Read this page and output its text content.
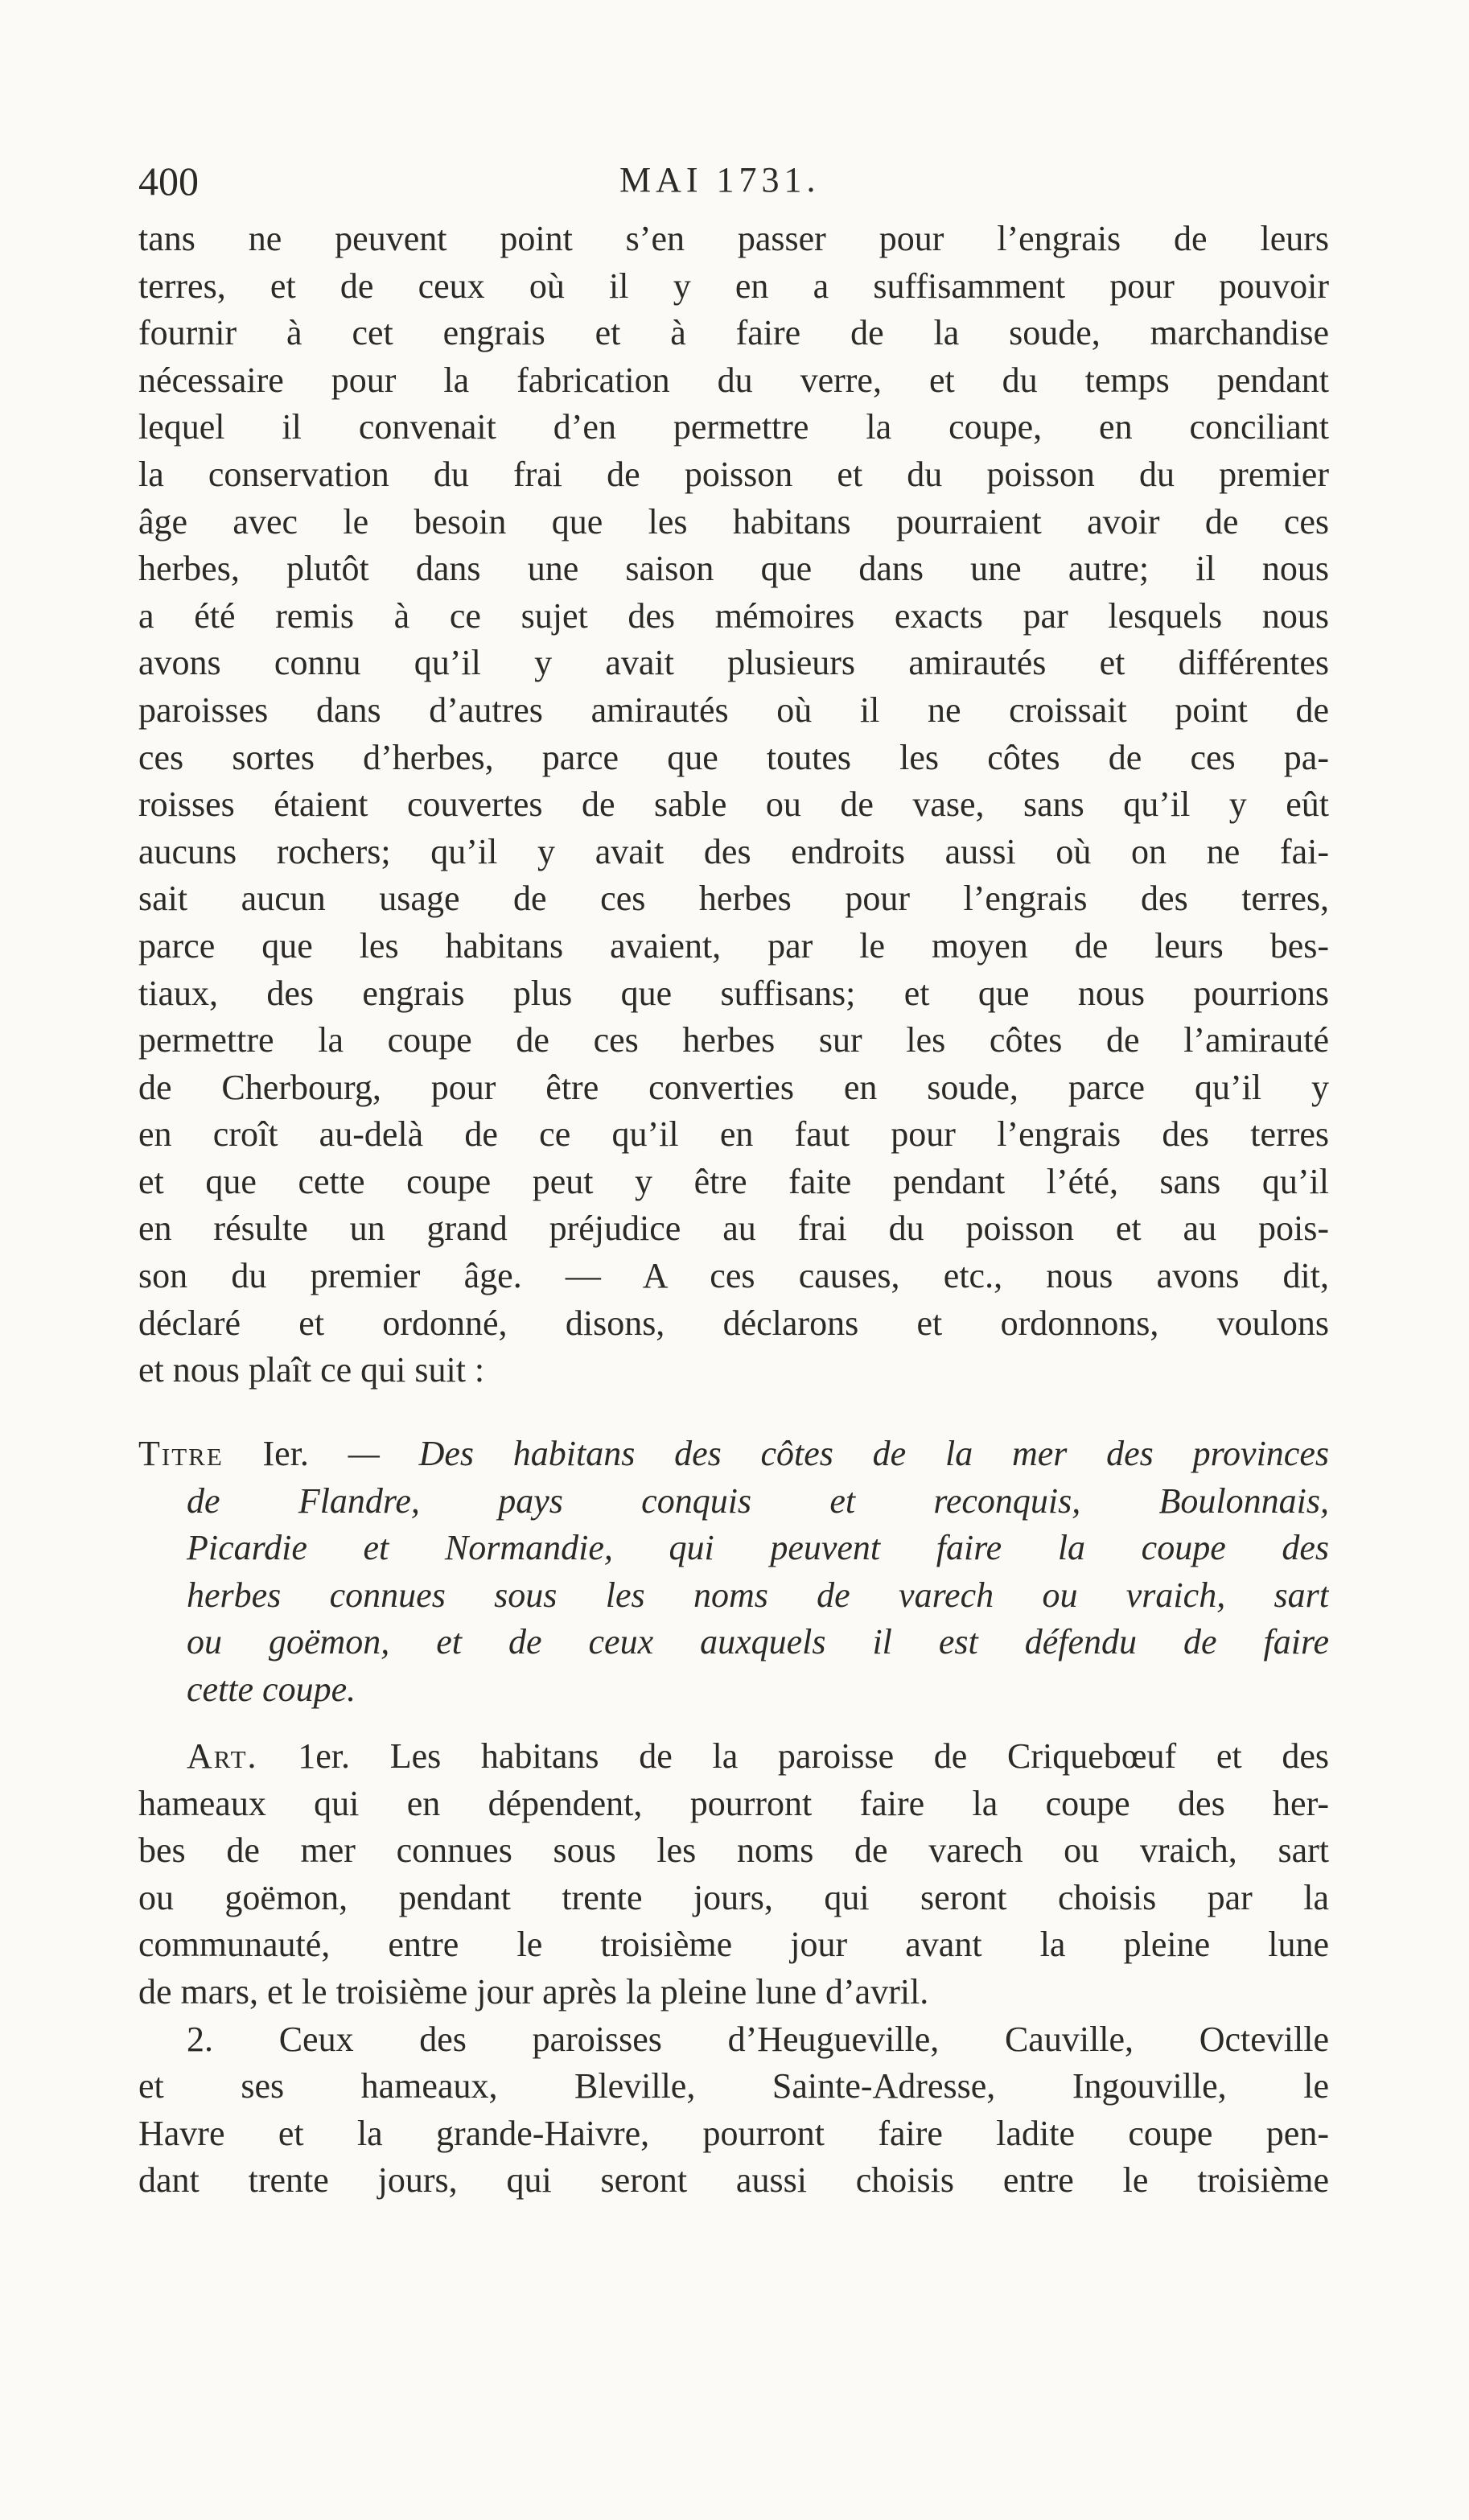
400	MAI 1731.
tans ne peuvent point s’en passer pour l’engrais de leurs
terres, et de ceux où il y en a suffisamment pour pouvoir
fournir à cet engrais et à faire de la soude, marchandise
nécessaire pour la fabrication du verre, et du temps pendant
lequel il convenait d’en permettre la coupe, en conciliant
la conservation du frai de poisson et du poisson du premier
âge avec le besoin que les habitans pourraient avoir de ces
herbes, plutôt dans une saison que dans une autre; il nous
a été remis à ce sujet des mémoires exacts par lesquels nous
avons connu qu’il y avait plusieurs amirautés et différentes
paroisses dans d’autres amirautés où il ne croissait point de
ces sortes d’herbes, parce que toutes les côtes de ces pa-
roisses étaient couvertes de sable ou de vase, sans qu’il y eût
aucuns rochers; qu’il y avait des endroits aussi où on ne fai-
sait aucun usage de ces herbes pour l’engrais des terres,
parce que les habitans avaient, par le moyen de leurs bes-
tiaux, des engrais plus que suffisans; et que nous pourrions
permettre la coupe de ces herbes sur les côtes de l’amirauté
de Cherbourg, pour être converties en soude, parce qu’il y
en croît au-delà de ce qu’il en faut pour l’engrais des terres
et que cette coupe peut y être faite pendant l’été, sans qu’il
en résulte un grand préjudice au frai du poisson et au pois-
son du premier âge. — A ces causes, etc., nous avons dit,
déclaré et ordonné, disons, déclarons et ordonnons, voulons
et nous plaît ce qui suit :
Titre Ier. — Des habitans des côtes de la mer des provinces
de Flandre, pays conquis et reconquis, Boulonnais,
Picardie et Normandie, qui peuvent faire la coupe des
herbes connues sous les noms de varech ou vraich, sart
ou goëmon, et de ceux auxquels il est défendu de faire
cette coupe.
Art. 1er. Les habitans de la paroisse de Criquebœuf et des
hameaux qui en dépendent, pourront faire la coupe des her-
bes de mer connues sous les noms de varech ou vraich, sart
ou goëmon, pendant trente jours, qui seront choisis par la
communauté, entre le troisième jour avant la pleine lune
de mars, et le troisième jour après la pleine lune d’avril.
2. Ceux des paroisses d’Heugueville, Cauville, Octeville
et ses hameaux, Bleville, Sainte-Adresse, Ingouville, le
Havre et la grande-Haivre, pourront faire ladite coupe pen-
dant trente jours, qui seront aussi choisis entre le troisième
